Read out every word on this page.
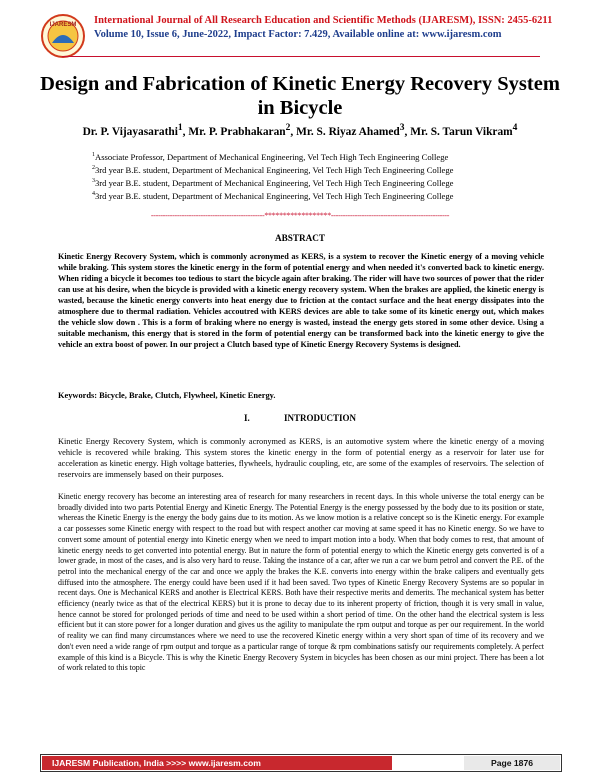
IJARESM International Journal of All Research Education and Scientific Methods (IJARESM), ISSN: 2455-6211
Volume 10, Issue 6, June-2022, Impact Factor: 7.429, Available online at: www.ijaresm.com
Design and Fabrication of Kinetic Energy Recovery System in Bicycle
Dr. P. Vijayasarathi$^1$, Mr. P. Prabhakaran$^2$, Mr. S. Riyaz Ahamed$^3$, Mr. S. Tarun Vikram$^4$
$^1$Associate Professor, Department of Mechanical Engineering, Vel Tech High Tech Engineering College
$^2$3rd year B.E. student, Department of Mechanical Engineering, Vel Tech High Tech Engineering College
$^3$3rd year B.E. student, Department of Mechanical Engineering, Vel Tech High Tech Engineering College
$^4$3rd year B.E. student, Department of Mechanical Engineering, Vel Tech High Tech Engineering College
------------------------------------------------******************--------------------------------------------------
ABSTRACT
Kinetic Energy Recovery System, which is commonly acronymed as KERS, is a system to recover the Kinetic energy of a moving vehicle while braking. This system stores the kinetic energy in the form of potential energy and when needed it's converted back to kinetic energy. When riding a bicycle it becomes too tedious to start the bicycle again after braking. The rider will have two sources of power that the rider can use at his desire, when the bicycle is provided with a kinetic energy recovery system. When the brakes are applied, the kinetic energy is wasted, because the kinetic energy converts into heat energy due to friction at the contact surface and the heat energy dissipates into the atmosphere due to thermal radiation. Vehicles accoutred with KERS devices are able to take some of its kinetic energy out, which makes the vehicle slow down . This is a form of braking where no energy is wasted, instead the energy gets stored in some other device. Using a suitable mechanism, this energy that is stored in the form of potential energy can be transformed back into the kinetic energy to give the vehicle an extra boost of power. In our project a Clutch based type of Kinetic Energy Recovery Systems is designed.
Keywords: Bicycle, Brake, Clutch, Flywheel, Kinetic Energy.
I.	INTRODUCTION
Kinetic Energy Recovery System, which is commonly acronymed as KERS, is an automotive system where the kinetic energy of a moving vehicle is recovered while braking. This system stores the kinetic energy in the form of potential energy as a reservoir for later use for acceleration as kinetic energy. High voltage batteries, flywheels, hydraulic coupling, etc, are some of the examples of reservoirs. The selection of reservoirs are immensely based on their purposes.
Kinetic energy recovery has become an interesting area of research for many researchers in recent days. In this whole universe the total energy can be broadly divided into two parts Potential Energy and Kinetic Energy. The Potential Energy is the energy possessed by the body due to its position or state, whereas the Kinetic Energy is the energy the body gains due to its motion. As we know motion is a relative concept so is the Kinetic energy. For example a car possesses some Kinetic energy with respect to the road but with respect another car moving at same speed it has no Kinetic energy. So we have to convert some amount of potential energy into Kinetic energy when we need to impart motion into a body. When that body comes to rest, that amount of kinetic energy needs to get converted into potential energy. But in nature the form of potential energy to which the Kinetic energy gets converted is of a lower grade, in most of the cases, and is also very hard to reuse. Taking the instance of a car, after we run a car we burn petrol and convert the P.E. of the petrol into the mechanical energy of the car and once we apply the brakes the K.E. converts into energy within the brake calipers and eventually gets diffused into the atmosphere. The energy could have been used if it had been saved. Two types of Kinetic Energy Recovery Systems are so popular in recent days. One is Mechanical KERS and another is Electrical KERS. Both have their respective merits and demerits. The mechanical system has better efficiency (nearly twice as that of the electrical KERS) but it is prone to decay due to its inherent property of friction, though it is very small in value, hence cannot be stored for prolonged periods of time and need to be used within a short period of time. On the other hand the electrical system is less efficient but it can store power for a longer duration and gives us the agility to manipulate the rpm output and torque as per our requirement. In the world of reality we can find many circumstances where we need to use the recovered Kinetic energy within a very short span of time of its recovery and we don't even need a wide range of rpm output and torque as a particular range of torque & rpm combinations satisfy our requirements completely. A perfect example of this kind is a Bicycle. This is why the Kinetic Energy Recovery System in bicycles has been chosen as our mini project. There has been a lot of work related to this topic
IJARESM Publication, India >>>> www.ijaresm.com	Page 1876
